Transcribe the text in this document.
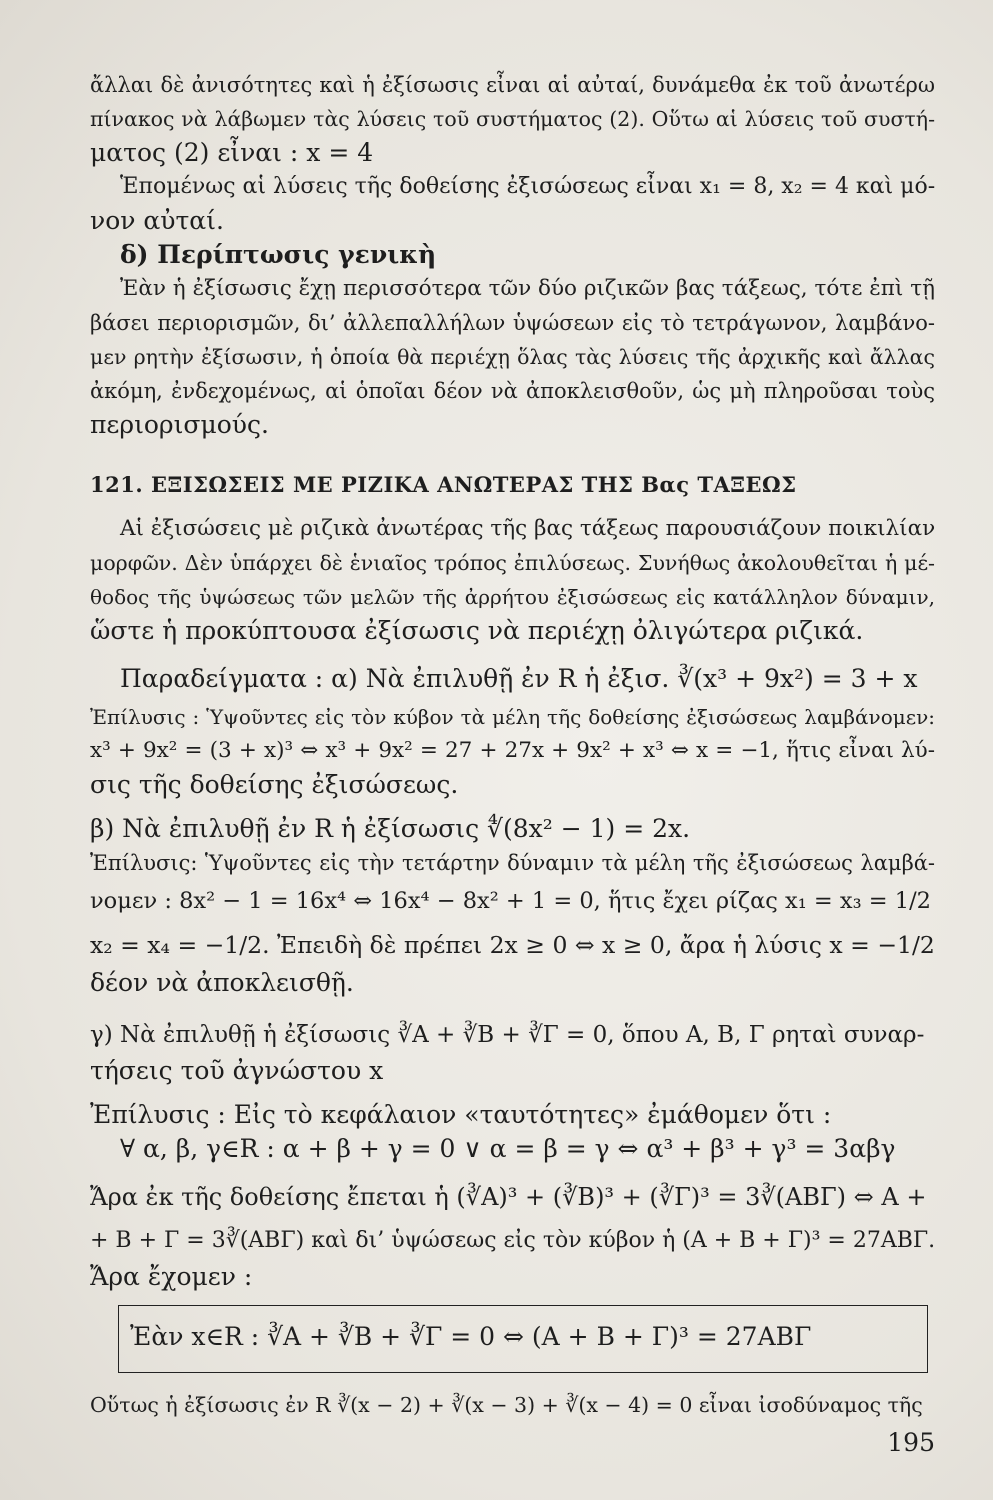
ἄλλαι δὲ ἀνισότητες καὶ ἡ ἐξίσωσις εἶναι αἱ αὐταί, δυνάμεθα ἐκ τοῦ ἀνωτέρω
πίνακος νὰ λάβωμεν τὰς λύσεις τοῦ συστήματος (2). Οὕτω αἱ λύσεις τοῦ συστή-
ματος (2) εἶναι : x = 4
Ἑπομένως αἱ λύσεις τῆς δοθείσης ἐξισώσεως εἶναι x₁ = 8, x₂ = 4 καὶ μό-
νον αὐταί.
δ) Περίπτωσις γενικὴ
Ἐὰν ἡ ἐξίσωσις ἔχῃ περισσότερα τῶν δύο ριζικῶν βας τάξεως, τότε ἐπὶ τῇ
βάσει περιορισμῶν, δι’ ἀλλεπαλλήλων ὑψώσεων εἰς τὸ τετράγωνον, λαμβάνο-
μεν ρητὴν ἐξίσωσιν, ἡ ὁποία θὰ περιέχῃ ὅλας τὰς λύσεις τῆς ἀρχικῆς καὶ ἄλλας
ἀκόμη, ἐνδεχομένως, αἱ ὁποῖαι δέον νὰ ἀποκλεισθοῦν, ὡς μὴ πληροῦσαι τοὺς
περιορισμούς.
121. ΕΞΙΣΩΣΕΙΣ ΜΕ ΡΙΖΙΚΑ ΑΝΩΤΕΡΑΣ ΤΗΣ Βας ΤΑΞΕΩΣ
Αἱ ἐξισώσεις μὲ ριζικὰ ἀνωτέρας τῆς βας τάξεως παρουσιάζουν ποικιλίαν
μορφῶν. Δὲν ὑπάρχει δὲ ἑνιαῖος τρόπος ἐπιλύσεως. Συνήθως ἀκολουθεῖται ἡ μέ-
θοδος τῆς ὑψώσεως τῶν μελῶν τῆς ἀρρήτου ἐξισώσεως εἰς κατάλληλον δύναμιν,
ὥστε ἡ προκύπτουσα ἐξίσωσις νὰ περιέχῃ ὀλιγώτερα ριζικά.
Παραδείγματα : α) Νὰ ἐπιλυθῇ ἐν R ἡ ἐξισ. ∛(x³ + 9x²) = 3 + x
Ἐπίλυσις : Ὑψοῦντες εἰς τὸν κύβον τὰ μέλη τῆς δοθείσης ἐξισώσεως λαμβάνομεν:
x³ + 9x² = (3 + x)³ ⇔ x³ + 9x² = 27 + 27x + 9x² + x³ ⇔ x = −1, ἥτις εἶναι λύ-
σις τῆς δοθείσης ἐξισώσεως.
β) Νὰ ἐπιλυθῇ ἐν R ἡ ἐξίσωσις ∜(8x² − 1) = 2x.
Ἐπίλυσις: Ὑψοῦντες εἰς τὴν τετάρτην δύναμιν τὰ μέλη τῆς ἐξισώσεως λαμβά-
νομεν : 8x² − 1 = 16x⁴ ⇔ 16x⁴ − 8x² + 1 = 0, ἥτις ἔχει ρίζας x₁ = x₃ = 1/2
x₂ = x₄ = −1/2. Ἐπειδὴ δὲ πρέπει 2x ≥ 0 ⇔ x ≥ 0, ἄρα ἡ λύσις x = −1/2
δέον νὰ ἀποκλεισθῇ.
γ) Νὰ ἐπιλυθῇ ἡ ἐξίσωσις ∛Α + ∛Β + ∛Γ = 0, ὅπου Α, Β, Γ ρηταὶ συναρ-
τήσεις τοῦ ἀγνώστου x
Ἐπίλυσις : Εἰς τὸ κεφάλαιον «ταυτότητες» ἐμάθομεν ὅτι :
∀ α, β, γ∈R : α + β + γ = 0 ∨ α = β = γ ⇔ α³ + β³ + γ³ = 3αβγ
Ἄρα ἐκ τῆς δοθείσης ἔπεται ἡ (∛Α)³ + (∛Β)³ + (∛Γ)³ = 3∛(ΑΒΓ) ⇔ Α +
+ Β + Γ = 3∛(ΑΒΓ) καὶ δι’ ὑψώσεως εἰς τὸν κύβον ἡ (Α + Β + Γ)³ = 27ΑΒΓ.
Ἄρα ἔχομεν :
Ἐὰν x∈R : ∛Α + ∛Β + ∛Γ = 0 ⇔ (Α + Β + Γ)³ = 27ΑΒΓ
Οὕτως ἡ ἐξίσωσις ἐν R ∛(x − 2) + ∛(x − 3) + ∛(x − 4) = 0 εἶναι ἰσοδύναμος τῆς
195
